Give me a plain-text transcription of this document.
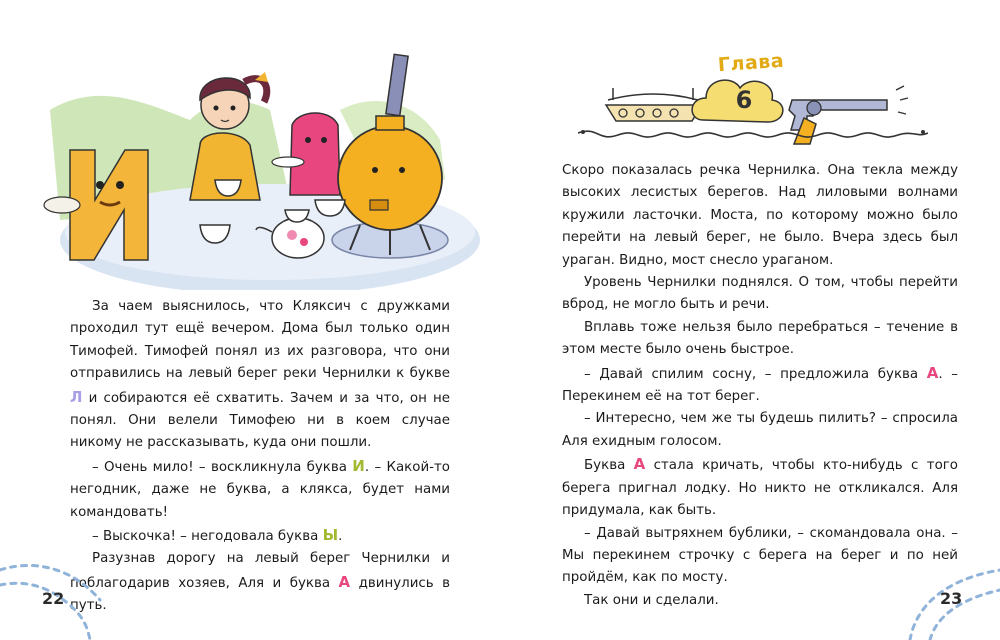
За чаем выяснилось, что Кляксич с дружками проходил тут ещё вечером. Дома был только один Тимофей. Тимофей понял из их разговора, что они отправились на левый берег реки Чернилки к букве Л и собираются её схватить. Зачем и за что, он не понял. Они велели Тимофею ни в коем случае никому не рассказывать, куда они пошли.

– Очень мило! – воскликнула буква И. – Какой-то негодник, даже не буква, а клякса, будет нами командовать!

– Выскочка! – негодовала буква Ы.

Разузнав дорогу на левый берег Чернилки и поблагодарив хозяев, Аля и буква А двинулись в путь.

22
Глава
6

Скоро показалась речка Чернилка. Она текла между высоких лесистых берегов. Над лиловыми волнами кружили ласточки. Моста, по которому можно было перейти на левый берег, не было. Вчера здесь был ураган. Видно, мост снесло ураганом.

Уровень Чернилки поднялся. О том, чтобы перейти вброд, не могло быть и речи.

Вплавь тоже нельзя было перебраться – течение в этом месте было очень быстрое.

– Давай спилим сосну, – предложила буква А. – Перекинем её на тот берег.

– Интересно, чем же ты будешь пилить? – спросила Аля ехидным голосом.

Буква А стала кричать, чтобы кто-нибудь с того берега пригнал лодку. Но никто не откликался. Аля придумала, как быть.

– Давай вытряхнем бублики, – скомандовала она. – Мы перекинем строчку с берега на берег и по ней пройдём, как по мосту.

Так они и сделали.	23
